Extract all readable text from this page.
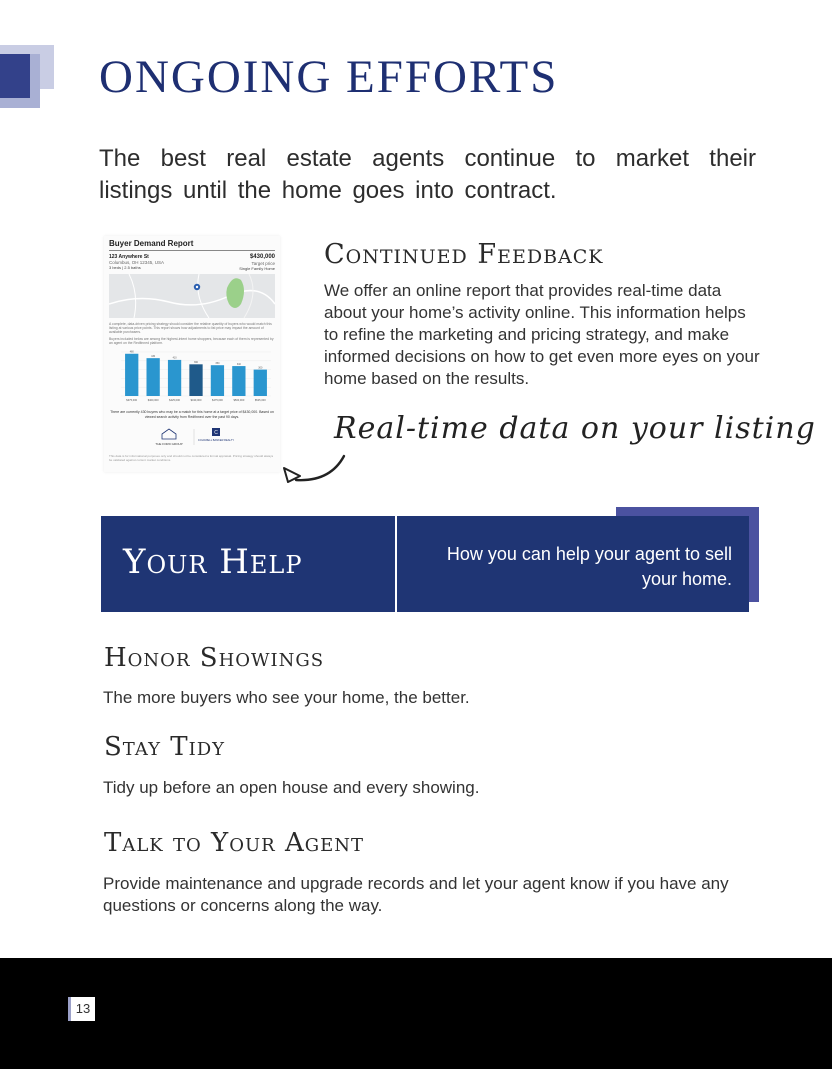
ONGOING EFFORTS

The best real estate agents continue to market their listings until the home goes into contract.

Buyer Demand Report
123 Anywhere St
Columbus, OH 12345, USA
3 beds | 2.5 baths
$430,000
Target price
Single Family Home
A complete, data-driven pricing strategy should consider the relative quantity of buyers who would match this listing at various price points. This report shows how adjustments to list price may impact the amount of available purchasers.
Buyers included below are among the highest-intent home shoppers, because each of them is represented by an agent on the Redfinned platform.
480
$375,000
430
$400,000
410
$425,000
360
$430,000
350
$475,000
340
$500,000
300
$525,000
There are currently 430 buyers who may be a match for this home at a target price of $430,000. Based on viewed search activity from Redfinned over the past 90 days.
THE FORD GROUP
C
COLDWELL BANKER REALTY
This data is for informational purposes only and should not be considered a formal appraisal. Pricing strategy should always be validated against current market conditions.
Continued Feedback

We offer an online report that provides real-time data about your home’s activity online. This information helps to refine the marketing and pricing strategy, and make informed decisions on how to get even more eyes on your home based on the results.

Real-time data on your listing

Your Help	How you can help your agent to sell your home.

Honor Showings

The more buyers who see your home, the better.

Stay Tidy

Tidy up before an open house and every showing.

Talk to Your Agent

Provide maintenance and upgrade records and let your agent know if you have any questions or concerns along the way.

13
